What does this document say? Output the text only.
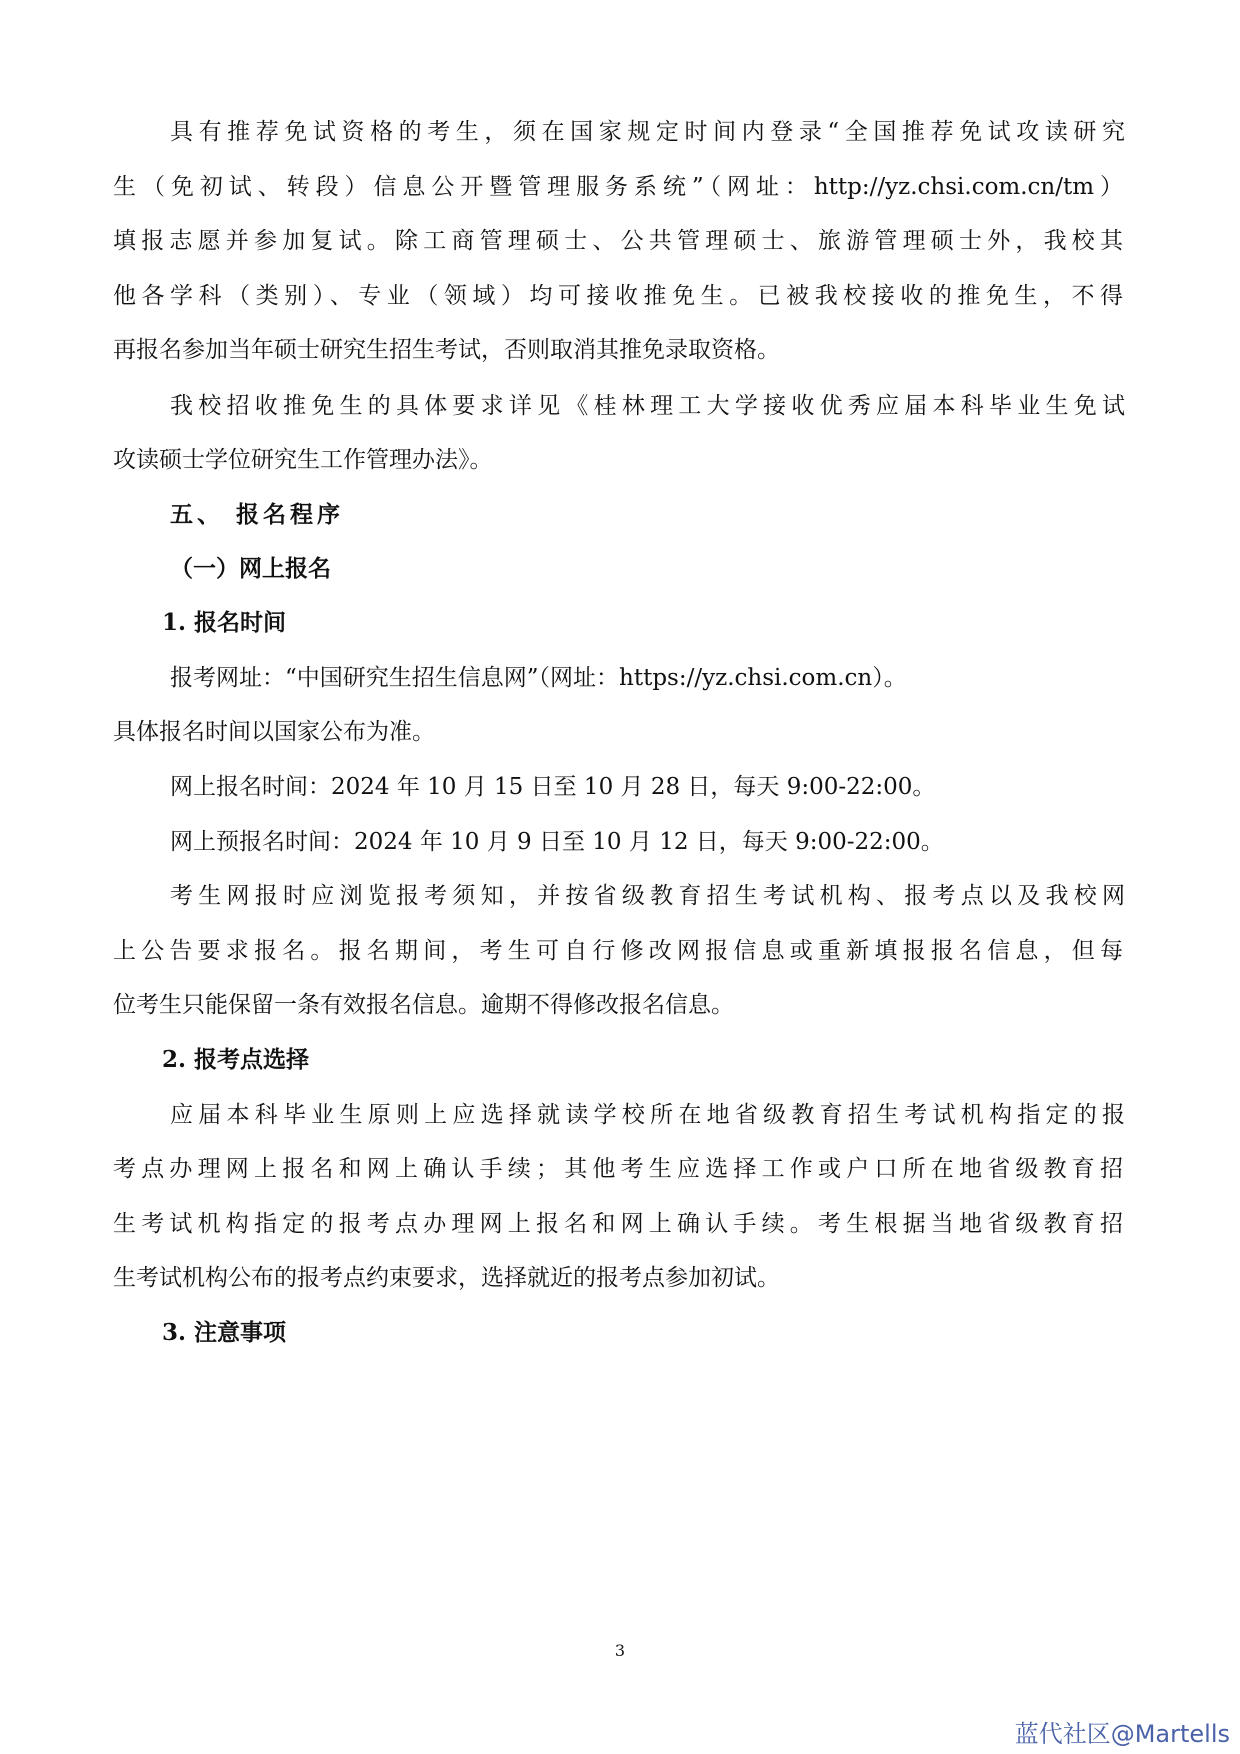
具有推荐免试资格的考生，须在国家规定时间内登录“全国推荐免试攻读研究

生（免初试、转段）信息公开暨管理服务系统”（网址：http://yz.chsi.com.cn/tm）

填报志愿并参加复试。除工商管理硕士、公共管理硕士、旅游管理硕士外，我校其

他各学科（类别）、专业（领域）均可接收推免生。已被我校接收的推免生，不得

再报名参加当年硕士研究生招生考试，否则取消其推免录取资格。

我校招收推免生的具体要求详见《桂林理工大学接收优秀应届本科毕业生免试

攻读硕士学位研究生工作管理办法》。

五、 报名程序

（一）网上报名

1. 报名时间

报考网址：“中国研究生招生信息网”（网址：https://yz.chsi.com.cn）。

具体报名时间以国家公布为准。

网上报名时间：2024 年 10 月 15 日至 10 月 28 日，每天 9:00-22:00。

网上预报名时间：2024 年 10 月 9 日至 10 月 12 日，每天 9:00-22:00。

考生网报时应浏览报考须知，并按省级教育招生考试机构、报考点以及我校网

上公告要求报名。报名期间，考生可自行修改网报信息或重新填报报名信息，但每

位考生只能保留一条有效报名信息。逾期不得修改报名信息。

2. 报考点选择

应届本科毕业生原则上应选择就读学校所在地省级教育招生考试机构指定的报

考点办理网上报名和网上确认手续；其他考生应选择工作或户口所在地省级教育招

生考试机构指定的报考点办理网上报名和网上确认手续。考生根据当地省级教育招

生考试机构公布的报考点约束要求，选择就近的报考点参加初试。

3. 注意事项

3
蓝代社区@Martells
